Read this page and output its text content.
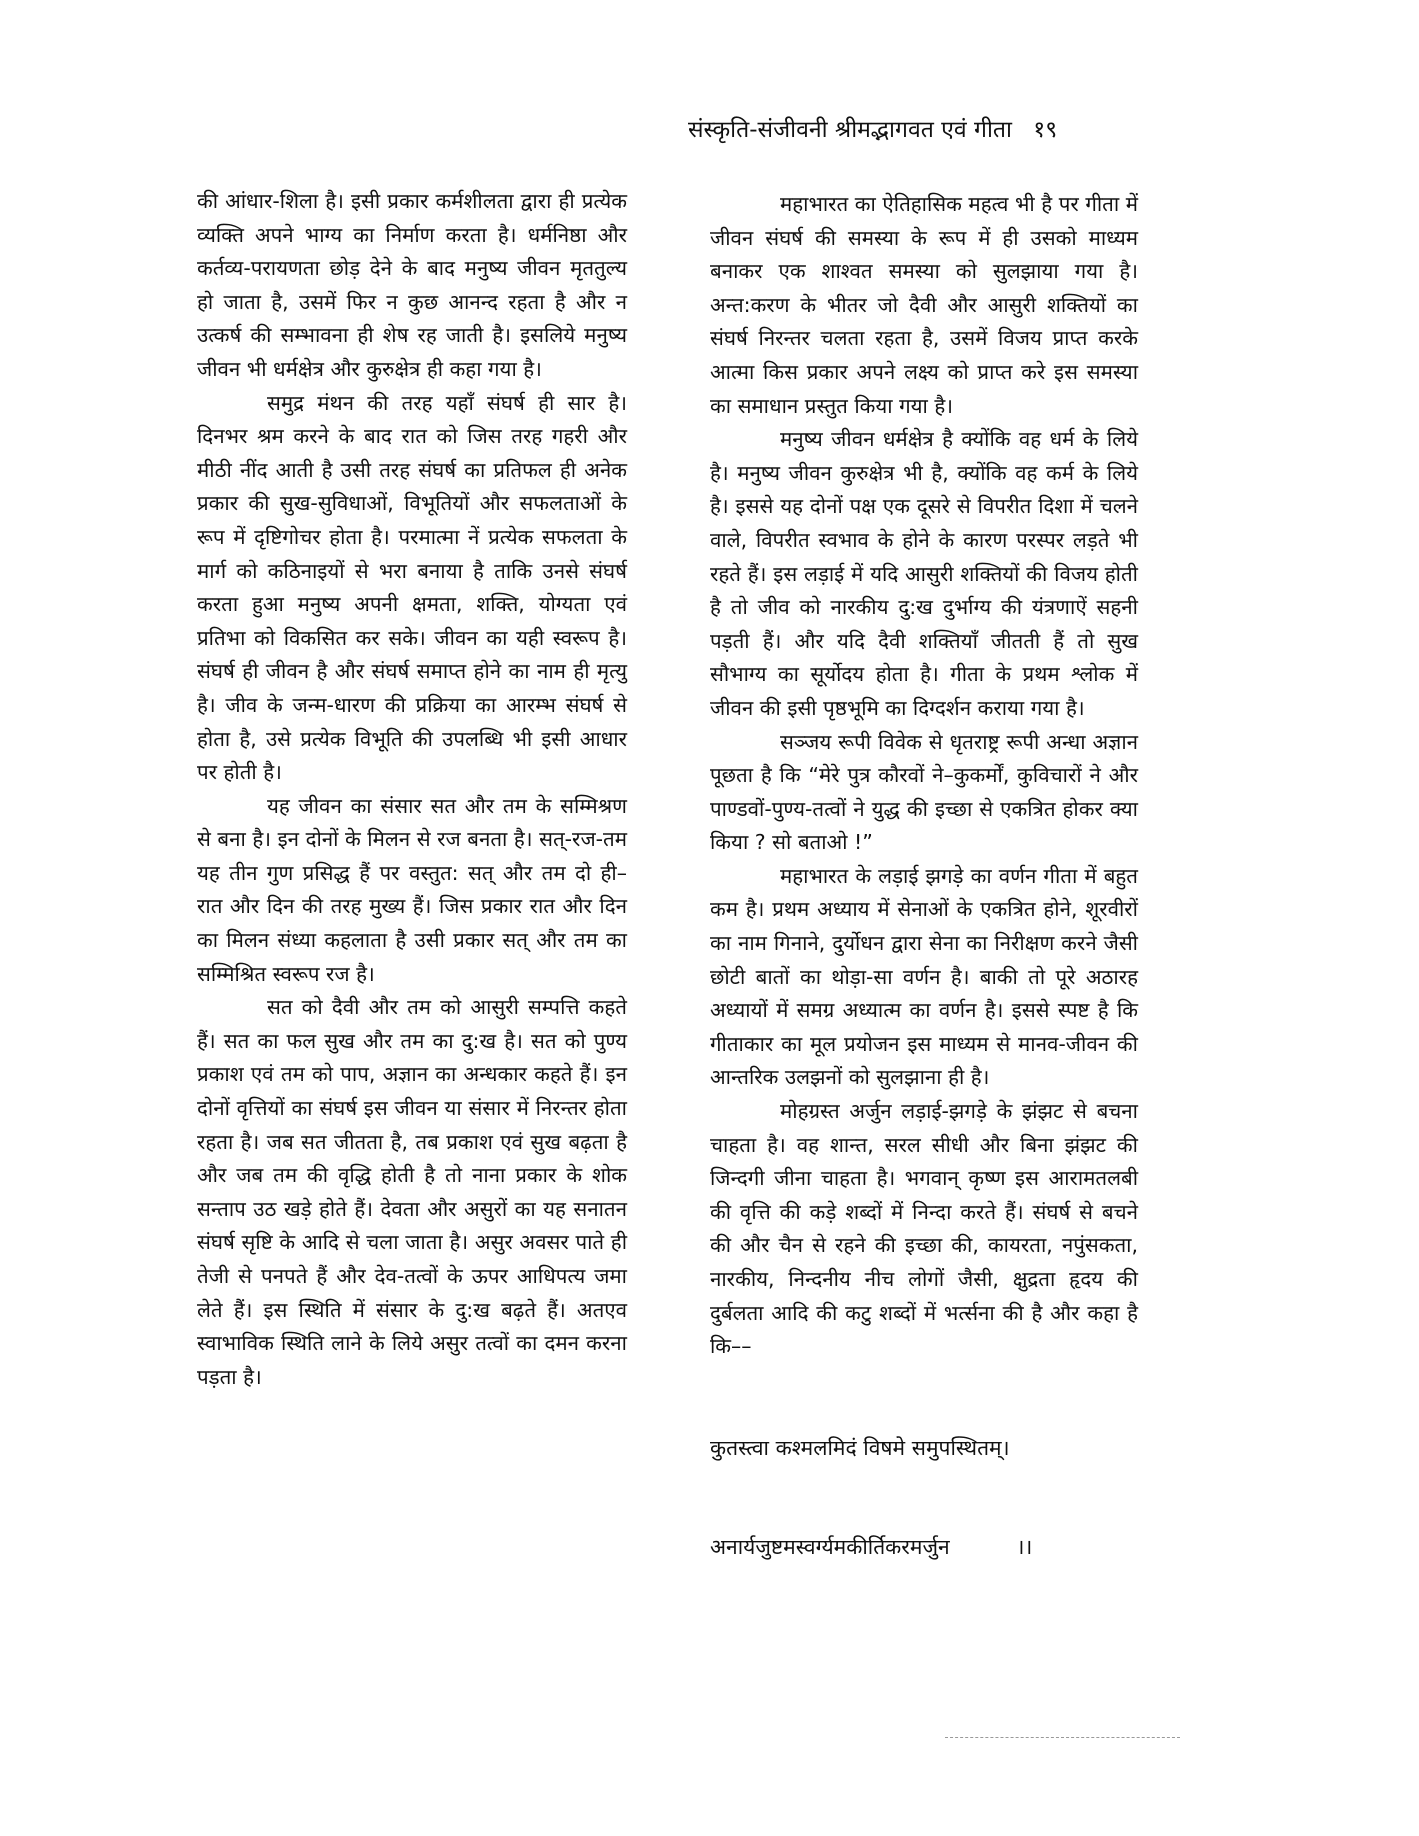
संस्कृति-संजीवनी श्रीमद्भागवत एवं गीता १९

की आंधार-शिला है। इसी प्रकार कर्मशीलता द्वारा ही प्रत्येक व्यक्ति अपने भाग्य का निर्माण करता है। धर्मनिष्ठा और कर्तव्य-परायणता छोड़ देने के बाद मनुष्य जीवन मृततुल्य हो जाता है, उसमें फिर न कुछ आनन्द रहता है और न उत्कर्ष की सम्भावना ही शेष रह जाती है। इसलिये मनुष्य जीवन भी धर्मक्षेत्र और कुरुक्षेत्र ही कहा गया है।

समुद्र मंथन की तरह यहाँ संघर्ष ही सार है। दिनभर श्रम करने के बाद रात को जिस तरह गहरी और मीठी नींद आती है उसी तरह संघर्ष का प्रतिफल ही अनेक प्रकार की सुख-सुविधाओं, विभूतियों और सफलताओं के रूप में दृष्टिगोचर होता है। परमात्मा नें प्रत्येक सफलता के मार्ग को कठिनाइयों से भरा बनाया है ताकि उनसे संघर्ष करता हुआ मनुष्य अपनी क्षमता, शक्ति, योग्यता एवं प्रतिभा को विकसित कर सके। जीवन का यही स्वरूप है। संघर्ष ही जीवन है और संघर्ष समाप्त होने का नाम ही मृत्यु है। जीव के जन्म-धारण की प्रक्रिया का आरम्भ संघर्ष से होता है, उसे प्रत्येक विभूति की उपलब्धि भी इसी आधार पर होती है।

यह जीवन का संसार सत और तम के सम्मिश्रण से बना है। इन दोनों के मिलन से रज बनता है। सत्-रज-तम यह तीन गुण प्रसिद्ध हैं पर वस्तुत: सत् और तम दो ही– रात और दिन की तरह मुख्य हैं। जिस प्रकार रात और दिन का मिलन संध्या कहलाता है उसी प्रकार सत् और तम का सम्मिश्रित स्वरूप रज है।

सत को दैवी और तम को आसुरी सम्पत्ति कहते हैं। सत का फल सुख और तम का दु:ख है। सत को पुण्य प्रकाश एवं तम को पाप, अज्ञान का अन्धकार कहते हैं। इन दोनों वृत्तियों का संघर्ष इस जीवन या संसार में निरन्तर होता रहता है। जब सत जीतता है, तब प्रकाश एवं सुख बढ़ता है और जब तम की वृद्धि होती है तो नाना प्रकार के शोक सन्ताप उठ खड़े होते हैं। देवता और असुरों का यह सनातन संघर्ष सृष्टि के आदि से चला जाता है। असुर अवसर पाते ही तेजी से पनपते हैं और देव-तत्वों के ऊपर आधिपत्य जमा लेते हैं। इस स्थिति में संसार के दु:ख बढ़ते हैं। अतएव स्वाभाविक स्थिति लाने के लिये असुर तत्वों का दमन करना पड़ता है।

महाभारत का ऐतिहासिक महत्व भी है पर गीता में जीवन संघर्ष की समस्या के रूप में ही उसको माध्यम बनाकर एक शाश्वत समस्या को सुलझाया गया है। अन्त:करण के भीतर जो दैवी और आसुरी शक्तियों का संघर्ष निरन्तर चलता रहता है, उसमें विजय प्राप्त करके आत्मा किस प्रकार अपने लक्ष्य को प्राप्त करे इस समस्या का समाधान प्रस्तुत किया गया है।

मनुष्य जीवन धर्मक्षेत्र है क्योंकि वह धर्म के लिये है। मनुष्य जीवन कुरुक्षेत्र भी है, क्योंकि वह कर्म के लिये है। इससे यह दोनों पक्ष एक दूसरे से विपरीत दिशा में चलने वाले, विपरीत स्वभाव के होने के कारण परस्पर लड़ते भी रहते हैं। इस लड़ाई में यदि आसुरी शक्तियों की विजय होती है तो जीव को नारकीय दु:ख दुर्भाग्य की यंत्रणाऐं सहनी पड़ती हैं। और यदि दैवी शक्तियाँ जीतती हैं तो सुख सौभाग्य का सूर्योदय होता है। गीता के प्रथम श्लोक में जीवन की इसी पृष्ठभूमि का दिग्दर्शन कराया गया है।

सञ्जय रूपी विवेक से धृतराष्ट्र रूपी अन्धा अज्ञान पूछता है कि “मेरे पुत्र कौरवों ने–कुकर्मों, कुविचारों ने और पाण्डवों-पुण्य-तत्वों ने युद्ध की इच्छा से एकत्रित होकर क्या किया ? सो बताओ !”

महाभारत के लड़ाई झगड़े का वर्णन गीता में बहुत कम है। प्रथम अध्याय में सेनाओं के एकत्रित होने, शूरवीरों का नाम गिनाने, दुर्योधन द्वारा सेना का निरीक्षण करने जैसी छोटी बातों का थोड़ा-सा वर्णन है। बाकी तो पूरे अठारह अध्यायों में समग्र अध्यात्म का वर्णन है। इससे स्पष्ट है कि गीताकार का मूल प्रयोजन इस माध्यम से मानव-जीवन की आन्तरिक उलझनों को सुलझाना ही है।

मोहग्रस्त अर्जुन लड़ाई-झगड़े के झंझट से बचना चाहता है। वह शान्त, सरल सीधी और बिना झंझट की जिन्दगी जीना चाहता है। भगवान् कृष्ण इस आरामतलबी की वृत्ति की कड़े शब्दों में निन्दा करते हैं। संघर्ष से बचने की और चैन से रहने की इच्छा की, कायरता, नपुंसकता, नारकीय, निन्दनीय नीच लोगों जैसी, क्षुद्रता हृदय की दुर्बलता आदि की कटु शब्दों में भर्त्सना की है और कहा है कि––

कुतस्त्वा कश्मलमिदं विषमे समुपस्थितम्।

अनार्यजुष्टमस्वर्ग्यमकीर्तिकरमर्जुन          ।।
